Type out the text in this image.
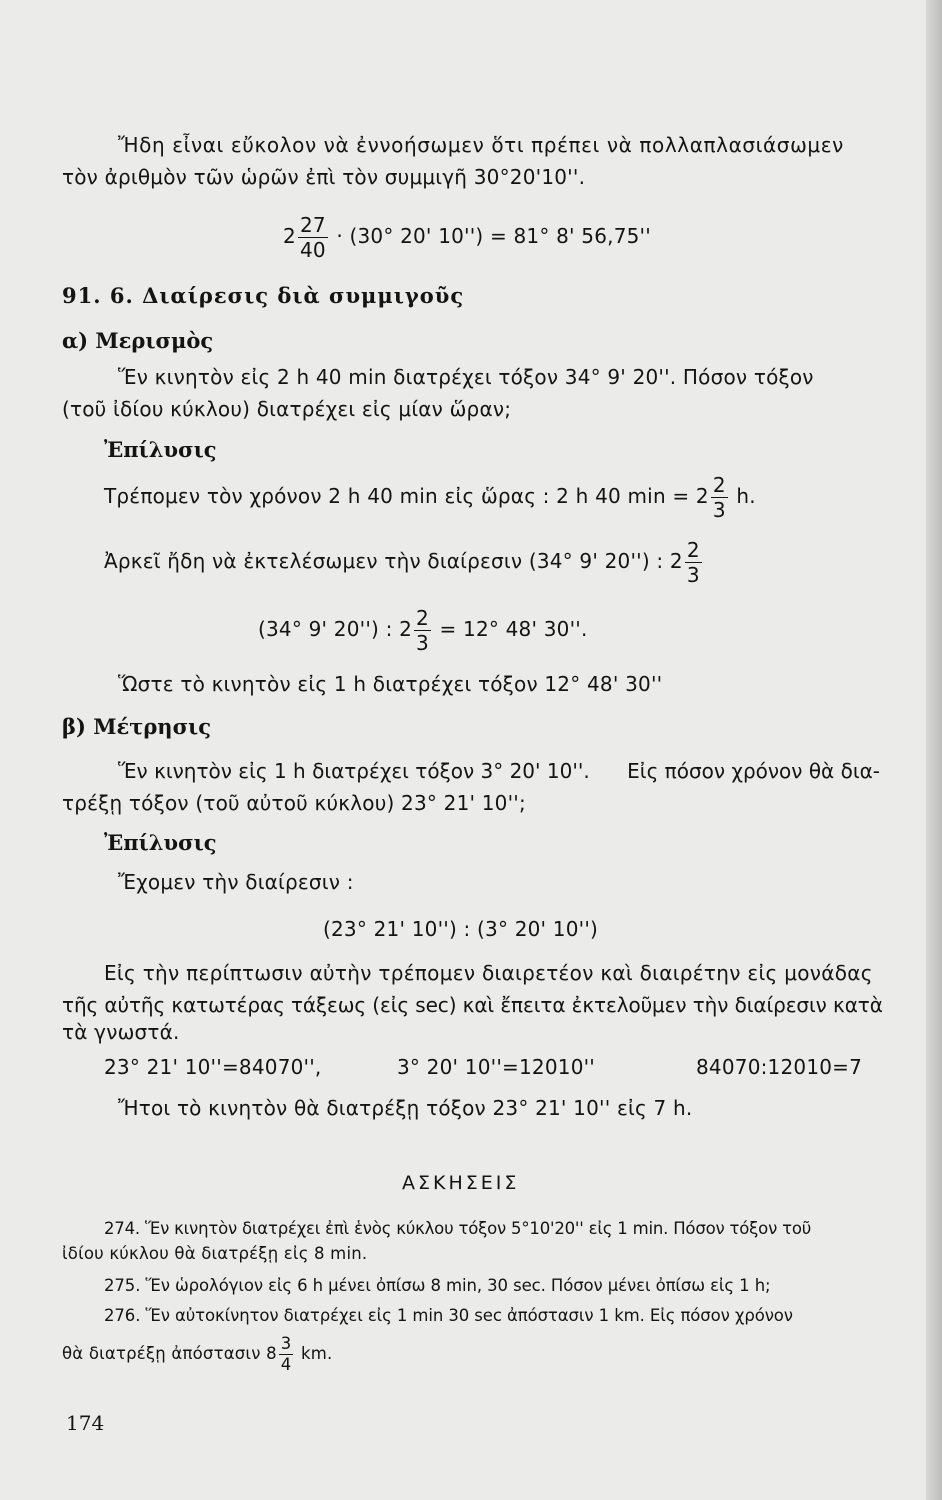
Ἤδη εἶναι εὔκολον νὰ ἐννοήσωμεν ὅτι πρέπει νὰ πολλαπλασιάσωμεν
τὸν ἀριθμὸν τῶν ὡρῶν ἐπὶ τὸν συμμιγῆ 30°20'10''.
$2 \frac{27}{40} \cdot (30^\circ$ 20' 10'') = 81° 8' 56,75''
91. 6. Διαίρεσις διὰ συμμιγοῦς
α) Μερισμὸς
Ἕν κινητὸν εἰς 2 h 40 min διατρέχει τόξον 34° 9' 20''. Πόσον τόξον
(τοῦ ἰδίου κύκλου) διατρέχει εἰς μίαν ὥραν;
Ἐπίλυσις
Τρέπομεν τὸν χρόνον 2 h 40 min εἰς ὥρας : 2 h 40 $\min = 2 \frac{2}{3} h$.
Ἀρκεῖ ἤδη νὰ ἐκτελέσωμεν τὴν διαίρεσιν (34° 9' 20'') : $2 \frac{2}{3}$
(34° 9' 20'') : $2 \frac{2}{3} = 12^\circ$ 48' 30''.
Ὥστε τὸ κινητὸν εἰς 1 h διατρέχει τόξον 12° 48' 30''
β) Μέτρησις
Ἕν κινητὸν εἰς 1 h διατρέχει τόξον 3° 20' 10''. Εἰς πόσον χρόνον θὰ δια-
τρέξῃ τόξον (τοῦ αὐτοῦ κύκλου) 23° 21' 10'';
Ἐπίλυσις
Ἔχομεν τὴν διαίρεσιν :
(23° 21' 10'') : (3° 20' 10'')
Εἰς τὴν περίπτωσιν αὐτὴν τρέπομεν διαιρετέον καὶ διαιρέτην εἰς μονάδας
τῆς αὐτῆς κατωτέρας τάξεως (εἰς sec) καὶ ἔπειτα ἐκτελοῦμεν τὴν διαίρεσιν κατὰ
τὰ γνωστά.
23° 21' 10''=84070'',	3° 20' 10''=12010''	84070:12010=7
Ἤτοι τὸ κινητὸν θὰ διατρέξῃ τόξον 23° 21' 10'' εἰς 7 h.
ΑΣΚΗΣΕΙΣ
274. Ἕν κινητὸν διατρέχει ἐπὶ ἑνὸς κύκλου τόξον 5°10'20'' εἰς 1 min. Πόσον τόξον τοῦ
ἰδίου κύκλου θὰ διατρέξῃ εἰς 8 min.
275. Ἕν ὡρολόγιον εἰς 6 h μένει ὀπίσω 8 min, 30 sec. Πόσον μένει ὀπίσω εἰς 1 h;
276. Ἕν αὐτοκίνητον διατρέχει εἰς 1 min 30 sec ἀπόστασιν 1 km. Εἰς πόσον χρόνον
θὰ διατρέξῃ ἀπόστασιν $8 \frac{3}{4}$ km.
174
